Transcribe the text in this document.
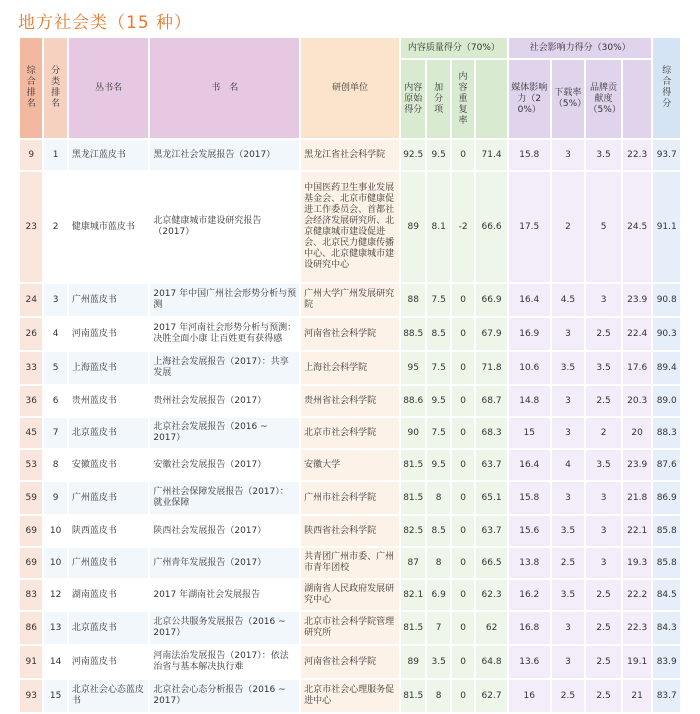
地方社会类（15 种）
综合排名	分类排名	丛书名	书　名	研创单位	内容质量得分（70%）				社会影响力得分（30%）				综合得分
					内容原始得分	加分项	内容重复率		媒体影响力（20%）	下载率（5%）	品牌贡献度（5%）		
9	1	黑龙江蓝皮书	黑龙江社会发展报告（2017）	黑龙江省社会科学院	92.5	9.5	0	71.4	15.8	3	3.5	22.3	93.7
23	2	健康城市蓝皮书	北京健康城市建设研究报告（2017）	中国医药卫生事业发展基金会、北京市健康促进工作委员会、首都社会经济发展研究所、北京健康城市建设促进会、北京民力健康传播中心、北京健康城市建设研究中心	89	8.1	-2	66.6	17.5	2	5	24.5	91.1
24	3	广州蓝皮书	2017 年中国广州社会形势分析与预测	广州大学广州发展研究院	88	7.5	0	66.9	16.4	4.5	3	23.9	90.8
26	4	河南蓝皮书	2017 年河南社会形势分析与预测：决胜全面小康 让百姓更有获得感	河南省社会科学院	88.5	8.5	0	67.9	16.9	3	2.5	22.4	90.3
33	5	上海蓝皮书	上海社会发展报告（2017）：共享发展	上海社会科学院	95	7.5	0	71.8	10.6	3.5	3.5	17.6	89.4
36	6	贵州蓝皮书	贵州社会发展报告（2017）	贵州省社会科学院	88.6	9.5	0	68.7	14.8	3	2.5	20.3	89.0
45	7	北京蓝皮书	北京社会发展报告（2016 ~ 2017）	北京市社会科学院	90	7.5	0	68.3	15	3	2	20	88.3
53	8	安徽蓝皮书	安徽社会发展报告（2017）	安徽大学	81.5	9.5	0	63.7	16.4	4	3.5	23.9	87.6
59	9	广州蓝皮书	广州社会保障发展报告（2017）：就业保障	广州市社会科学院	81.5	8	0	65.1	15.8	3	3	21.8	86.9
69	10	陕西蓝皮书	陕西社会发展报告（2017）	陕西省社会科学院	82.5	8.5	0	63.7	15.6	3.5	3	22.1	85.8
69	10	广州蓝皮书	广州青年发展报告（2017）	共青团广州市委、广州市青年团校	87	8	0	66.5	13.8	2.5	3	19.3	85.8
83	12	湖南蓝皮书	2017 年湖南社会发展报告	湖南省人民政府发展研究中心	82.1	6.9	0	62.3	16.2	3.5	2.5	22.2	84.5
86	13	北京蓝皮书	北京公共服务发展报告（2016 ~ 2017）	北京市社会科学院管理研究所	81.5	7	0	62	16.8	3	2.5	22.3	84.3
91	14	河南蓝皮书	河南法治发展报告（2017）：依法治省与基本解决执行难	河南省社会科学院	89	3.5	0	64.8	13.6	3	2.5	19.1	83.9
93	15	北京社会心态蓝皮书	北京社会心态分析报告（2016 ~ 2017）	北京市社会心理服务促进中心	81.5	8	0	62.7	16	2.5	2.5	21	83.7
